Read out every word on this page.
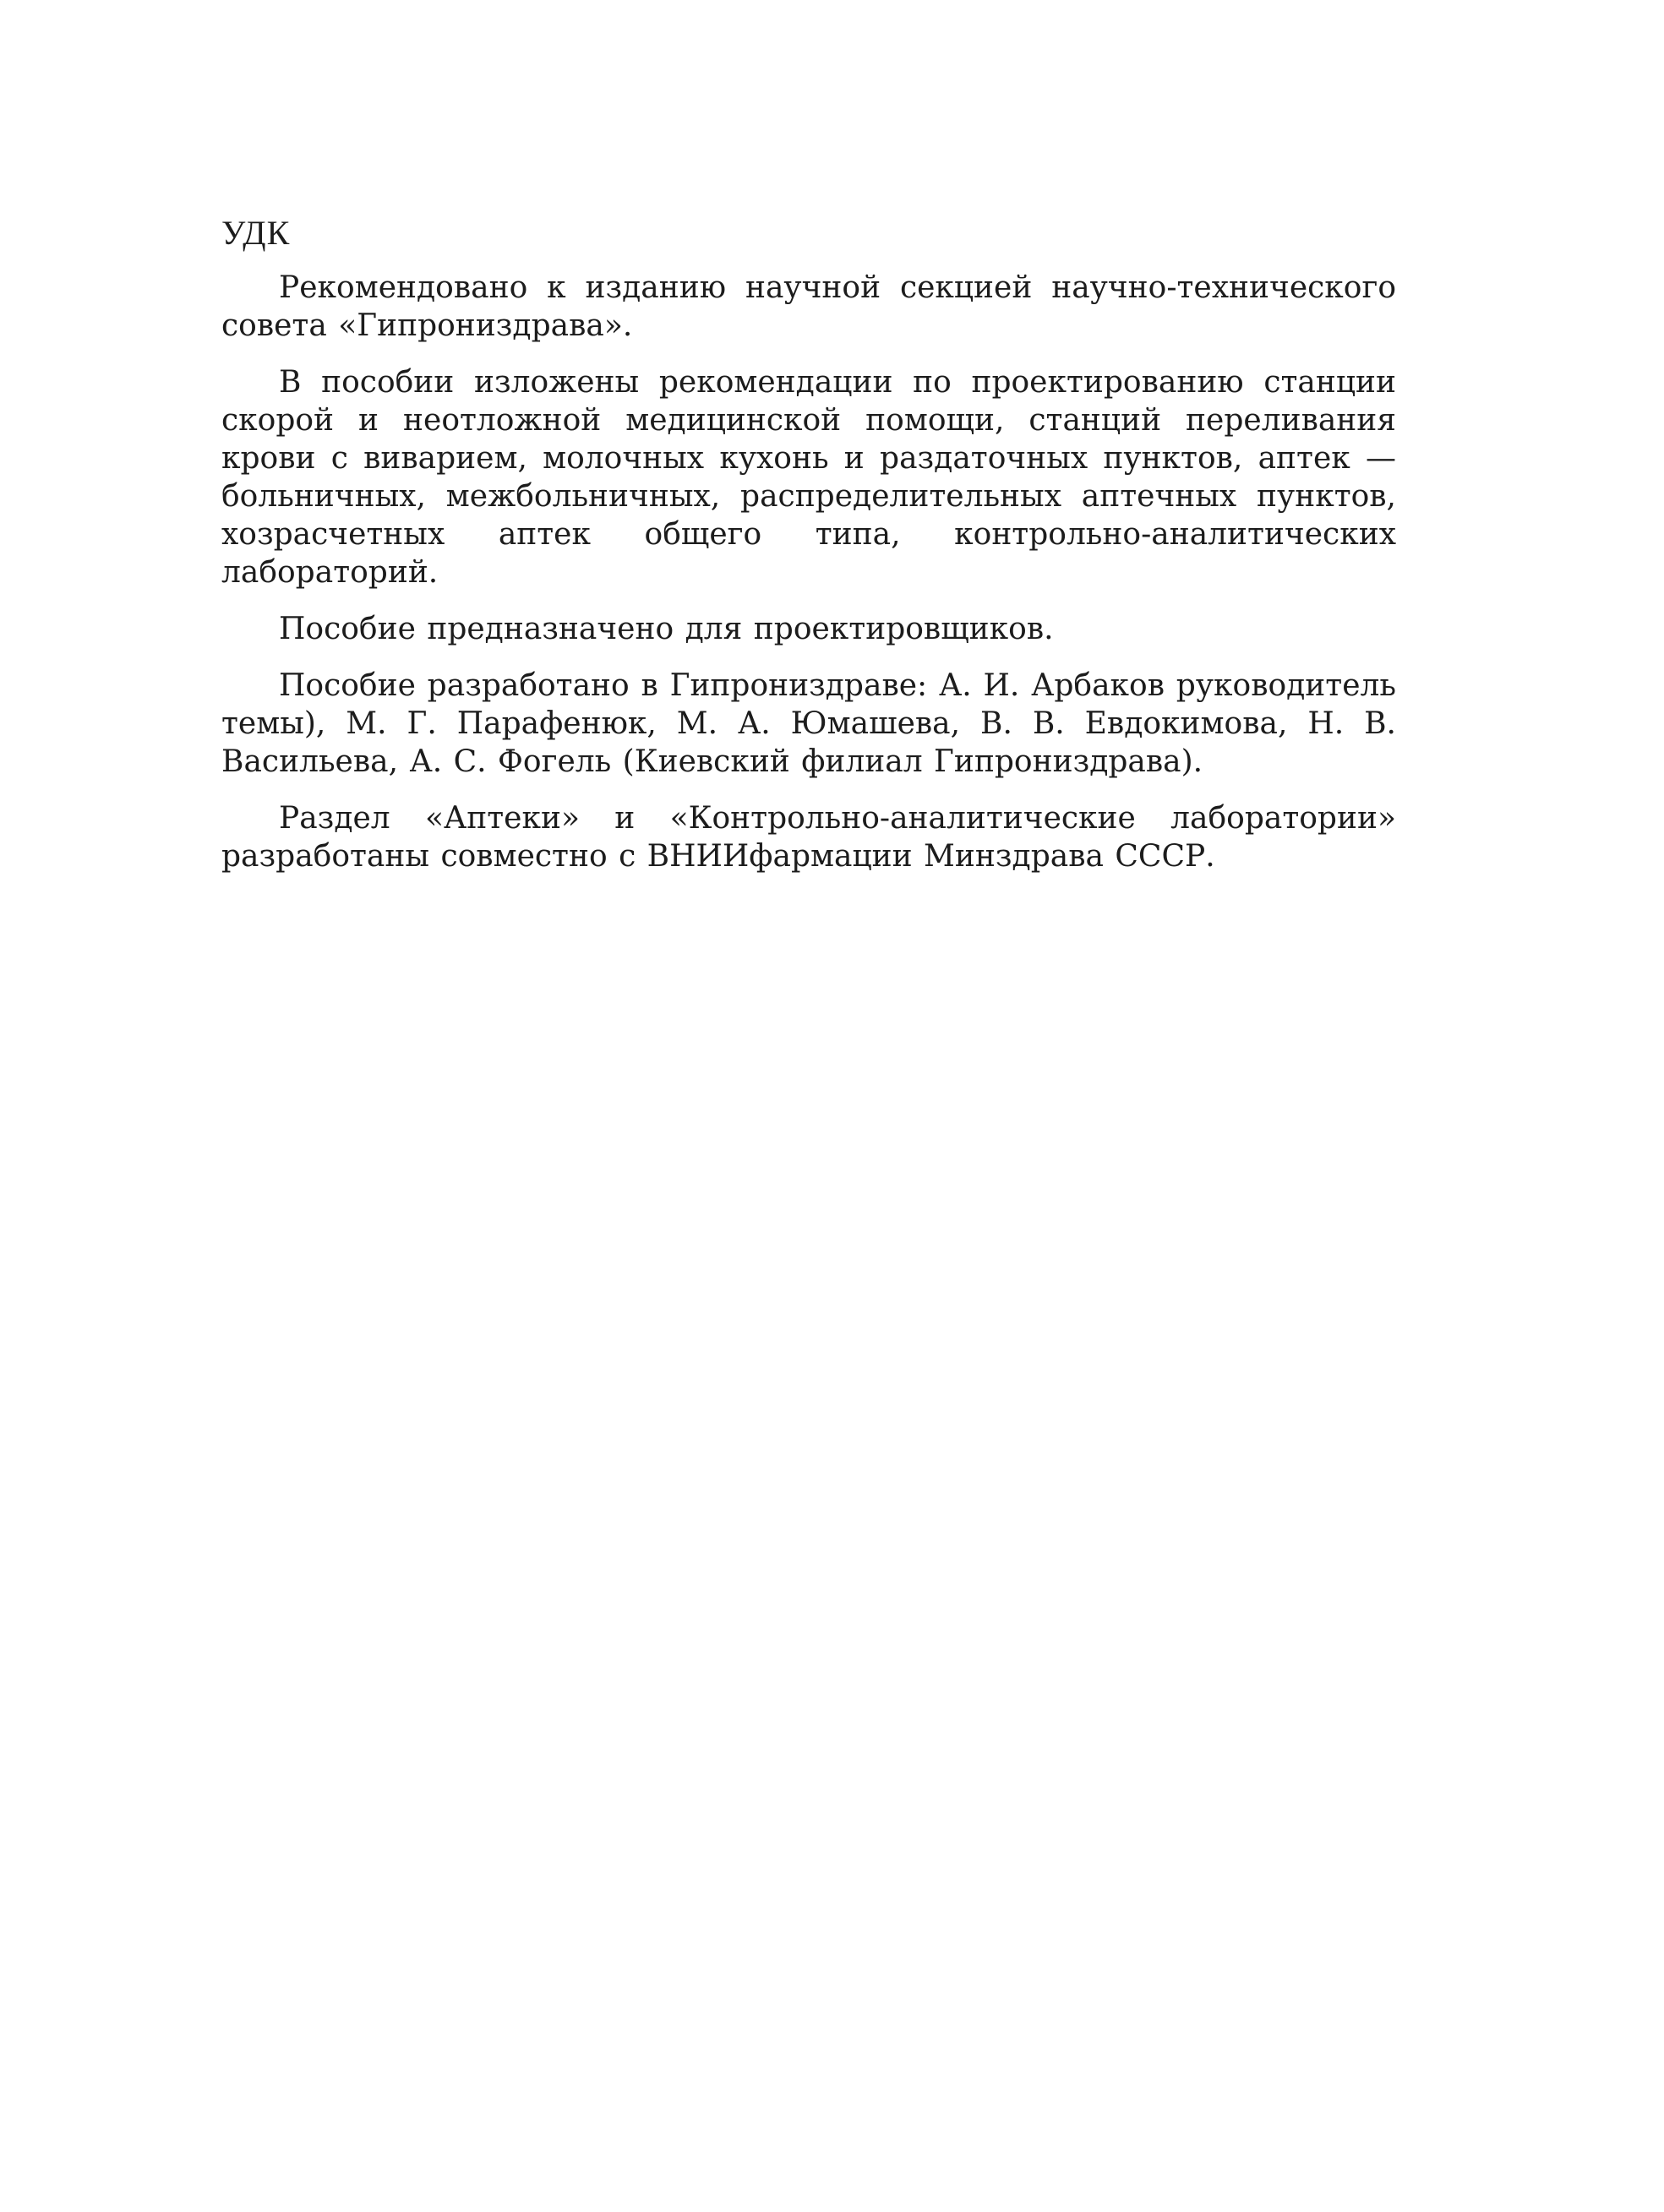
УДК

Рекомендовано к изданию научной секцией научно-технического совета «Гипрониздрава».

В пособии изложены рекомендации по проектированию станции скорой и неотложной медицинской помощи, станций переливания крови с виварием, молочных кухонь и раздаточных пунктов, аптек — больничных, межбольничных, распределительных аптечных пунктов, хозрасчетных аптек общего типа, контрольно-аналитических лабораторий.

Пособие предназначено для проектировщиков.

Пособие разработано в Гипрониздраве: А. И. Арбаков руководитель темы), М. Г. Парафенюк, М. А. Юмашева, В. В. Евдокимова, Н. В. Васильева, А. С. Фогель (Киевский филиал Гипрониздрава).

Раздел «Аптеки» и «Контрольно-аналитические лаборатории» разработаны совместно с ВНИИфармации Минздрава СССР.
